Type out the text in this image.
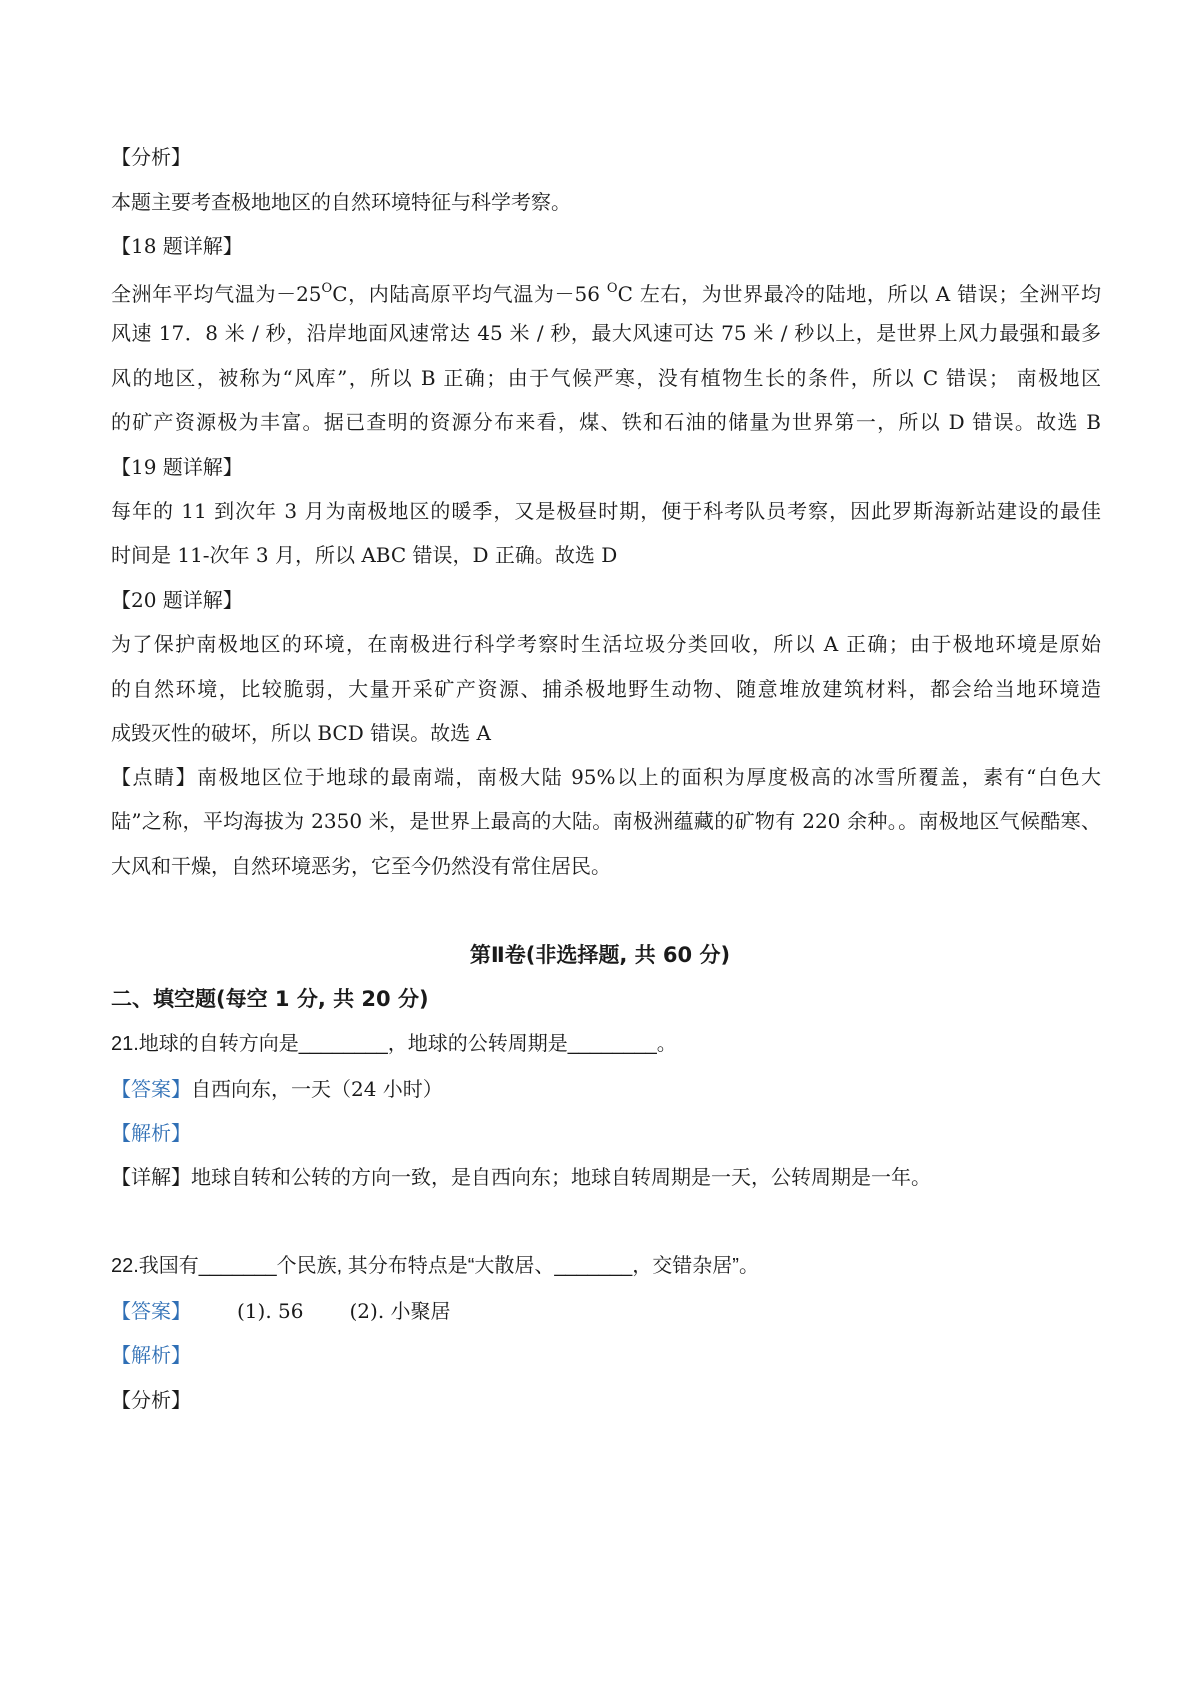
【分析】
本题主要考查极地地区的自然环境特征与科学考察。
【18 题详解】
全洲年平均气温为$-25^OC$，内陆高原平均气温为－56 $^O$C 左右，为世界最冷的陆地，所以 A 错误；全洲平均
风速 17．8 米 / 秒，沿岸地面风速常达 45 米 / 秒，最大风速可达 75 米 / 秒以上，是世界上风力最强和最多
风的地区，被称为“风库”，所以 B 正确；由于气候严寒，没有植物生长的条件，所以 C 错误； 南极地区
的矿产资源极为丰富。据已查明的资源分布来看，煤、铁和石油的储量为世界第一，所以 D 错误。故选 B
【19 题详解】
每年的 11 到次年 3 月为南极地区的暖季，又是极昼时期，便于科考队员考察，因此罗斯海新站建设的最佳
时间是 11-次年 3 月，所以 ABC 错误，D 正确。故选 D
【20 题详解】
为了保护南极地区的环境，在南极进行科学考察时生活垃圾分类回收，所以 A 正确；由于极地环境是原始
的自然环境，比较脆弱，大量开采矿产资源、捕杀极地野生动物、随意堆放建筑材料，都会给当地环境造
成毁灭性的破坏，所以 BCD 错误。故选 A
【点睛】南极地区位于地球的最南端，南极大陆 95%以上的面积为厚度极高的冰雪所覆盖，素有“白色大
陆”之称，平均海拔为 2350 米，是世界上最高的大陆。南极洲蕴藏的矿物有 220 余种。。南极地区气候酷寒、
大风和干燥，自然环境恶劣，它至今仍然没有常住居民。
第Ⅱ卷(非选择题, 共 60 分)
二、填空题(每空 1 分, 共 20 分)
21.地球的自转方向是________，地球的公转周期是________。
【答案】自西向东，一天（24 小时）
【解析】
【详解】地球自转和公转的方向一致，是自西向东；地球自转周期是一天，公转周期是一年。
22.我国有_______个民族, 其分布特点是“大散居、_______，交错杂居”。
【答案】 (1). 56 (2). 小聚居
【解析】
【分析】
